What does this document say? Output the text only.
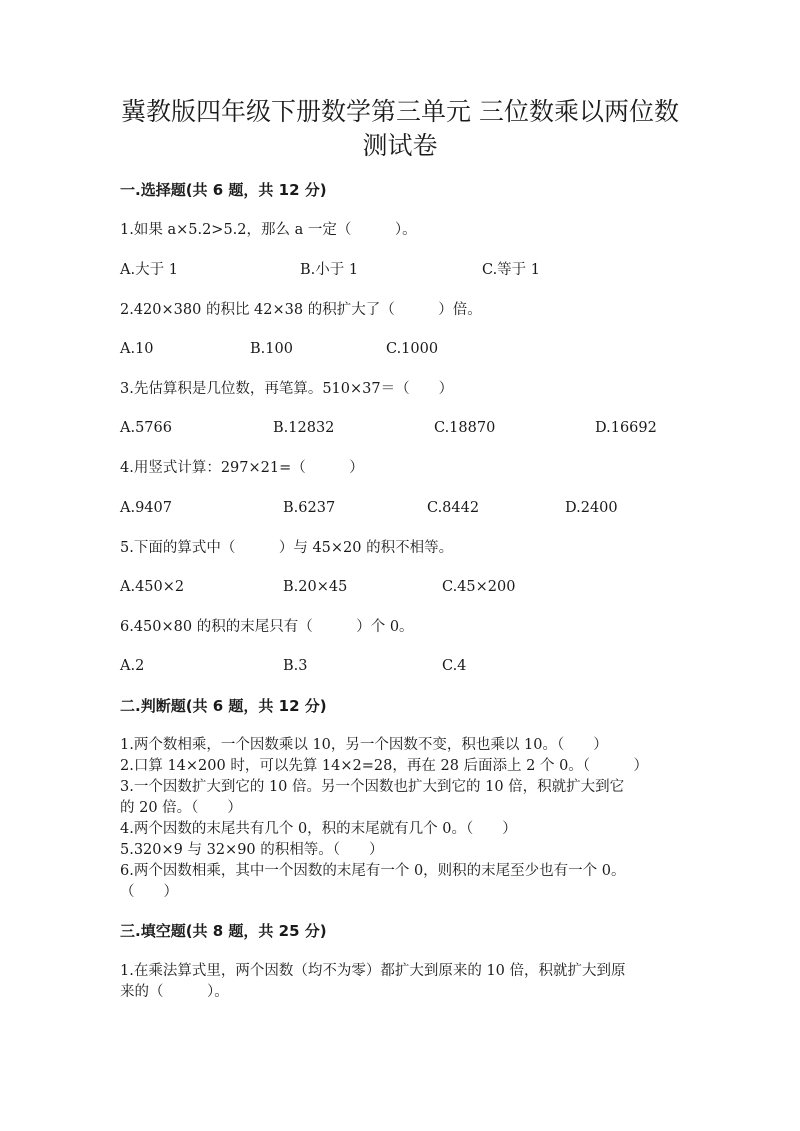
冀教版四年级下册数学第三单元 三位数乘以两位数
测试卷
一.选择题(共 6 题，共 12 分)
1.如果 a×5.2>5.2，那么 a 一定（　　　）。
A.大于 1	B.小于 1	C.等于 1
2.420×380 的积比 42×38 的积扩大了（　　　）倍。
A.10	B.100	C.1000
3.先估算积是几位数，再笔算。510×37＝（　　）
A.5766	B.12832	C.18870	D.16692
4.用竖式计算：297×21=（　　　）
A.9407	B.6237	C.8442	D.2400
5.下面的算式中（　　　）与 45×20 的积不相等。
A.450×2	B.20×45	C.45×200
6.450×80 的积的末尾只有（　　　）个 0。
A.2	B.3	C.4
二.判断题(共 6 题，共 12 分)
1.两个数相乘，一个因数乘以 10，另一个因数不变，积也乘以 10。（　　）
2.口算 14×200 时，可以先算 14×2=28，再在 28 后面添上 2 个 0。（　　　）
3.一个因数扩大到它的 10 倍。另一个因数也扩大到它的 10 倍，积就扩大到它
的 20 倍。（　　）
4.两个因数的末尾共有几个 0，积的末尾就有几个 0。（　　）
5.320×9 与 32×90 的积相等。（　　）
6.两个因数相乘，其中一个因数的末尾有一个 0，则积的末尾至少也有一个 0。
（　　）
三.填空题(共 8 题，共 25 分)
1.在乘法算式里，两个因数（均不为零）都扩大到原来的 10 倍，积就扩大到原
来的（　　　）。
